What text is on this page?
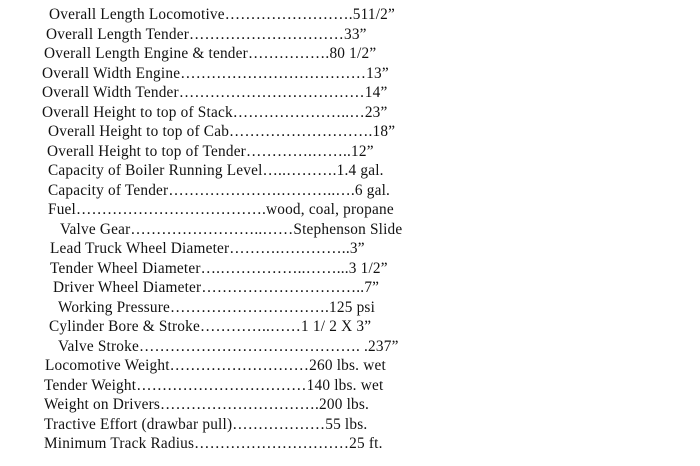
Overall Length Locomotive…………………….511/2”
Overall Length Tender…………………………33”
Overall Length Engine & tender…………….80 1/2”
Overall Width Engine………………………………13”
Overall Width Tender………………………………14”
Overall Height to top of Stack…………………..…23”
Overall Height to top of Cab……………………….18”
Overall Height to top of Tender………….……..12”
Capacity of Boiler Running Level…..……….1.4 gal.
Capacity of Tender………………….………..….6 gal.
Fuel……………………………….wood, coal, propane
Valve Gear……………………..……Stephenson Slide
Lead Truck Wheel Diameter……….…………..3”
Tender Wheel Diameter….……………..……...3 1/2”
Driver Wheel Diameter…………………………..7”
Working Pressure………………………….125 psi
Cylinder Bore & Stroke…………..……1 1/ 2 X 3”
Valve Stroke……………………………………. .237”
Locomotive Weight………………………260 lbs. wet
Tender Weight……………………………140 lbs. wet
Weight on Drivers………………………….200 lbs.
Tractive Effort (drawbar pull)………………55 lbs.
Minimum Track Radius…………………………25 ft.
